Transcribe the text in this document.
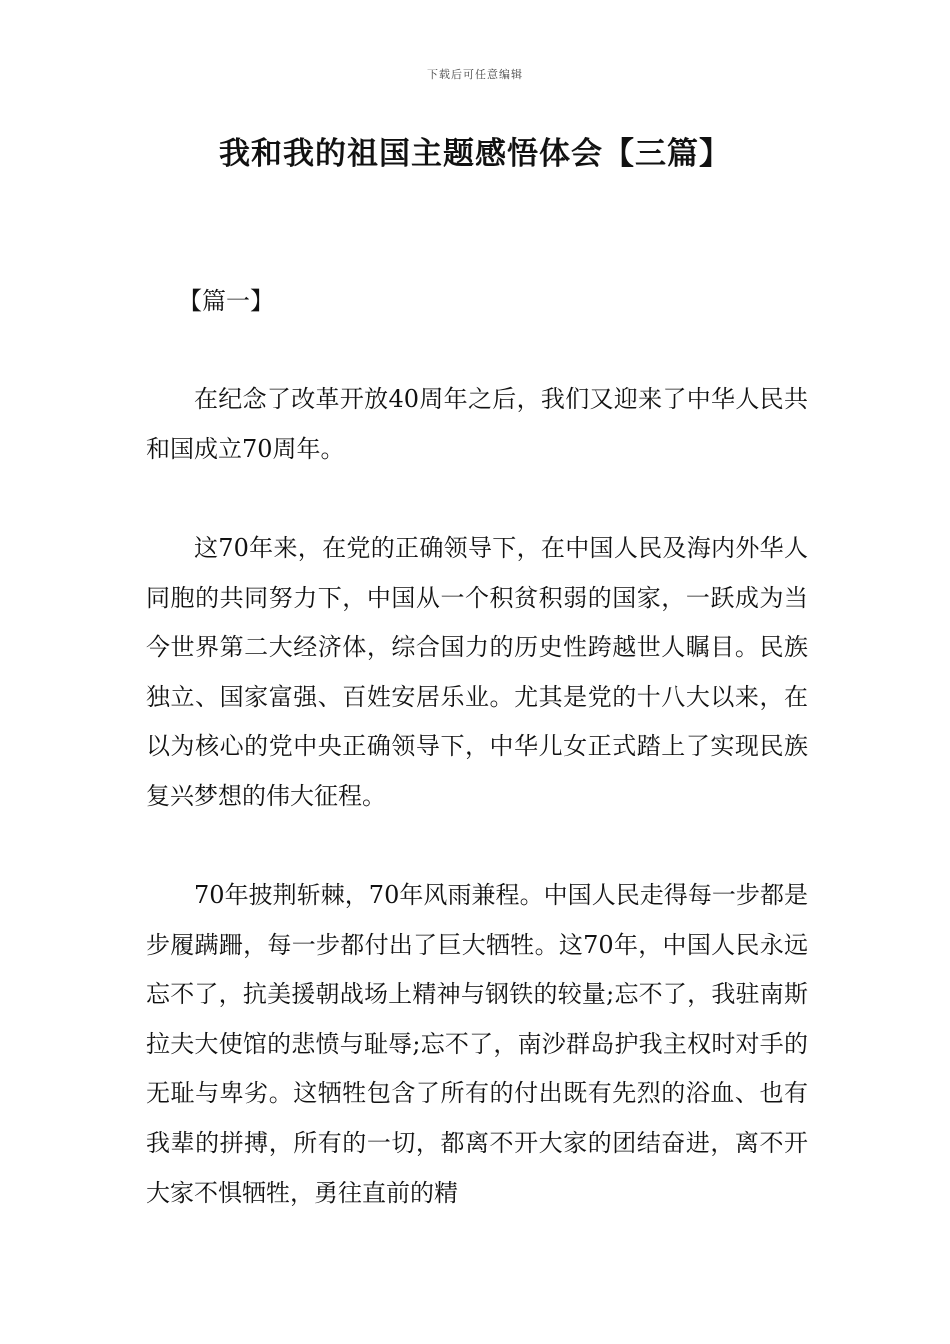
下载后可任意编辑
我和我的祖国主题感悟体会【三篇】

【篇一】

在纪念了改革开放40周年之后，我们又迎来了中华人民共和国成立70周年。

这70年来，在党的正确领导下，在中国人民及海内外华人同胞的共同努力下，中国从一个积贫积弱的国家，一跃成为当今世界第二大经济体，综合国力的历史性跨越世人瞩目。民族独立、国家富强、百姓安居乐业。尤其是党的十八大以来，在以为核心的党中央正确领导下，中华儿女正式踏上了实现民族复兴梦想的伟大征程。

70年披荆斩棘，70年风雨兼程。中国人民走得每一步都是步履蹒跚，每一步都付出了巨大牺牲。这70年，中国人民永远忘不了，抗美援朝战场上精神与钢铁的较量;忘不了，我驻南斯拉夫大使馆的悲愤与耻辱;忘不了，南沙群岛护我主权时对手的无耻与卑劣。这牺牲包含了所有的付出既有先烈的浴血、也有我辈的拼搏，所有的一切，都离不开大家的团结奋进，离不开大家不惧牺牲，勇往直前的精
